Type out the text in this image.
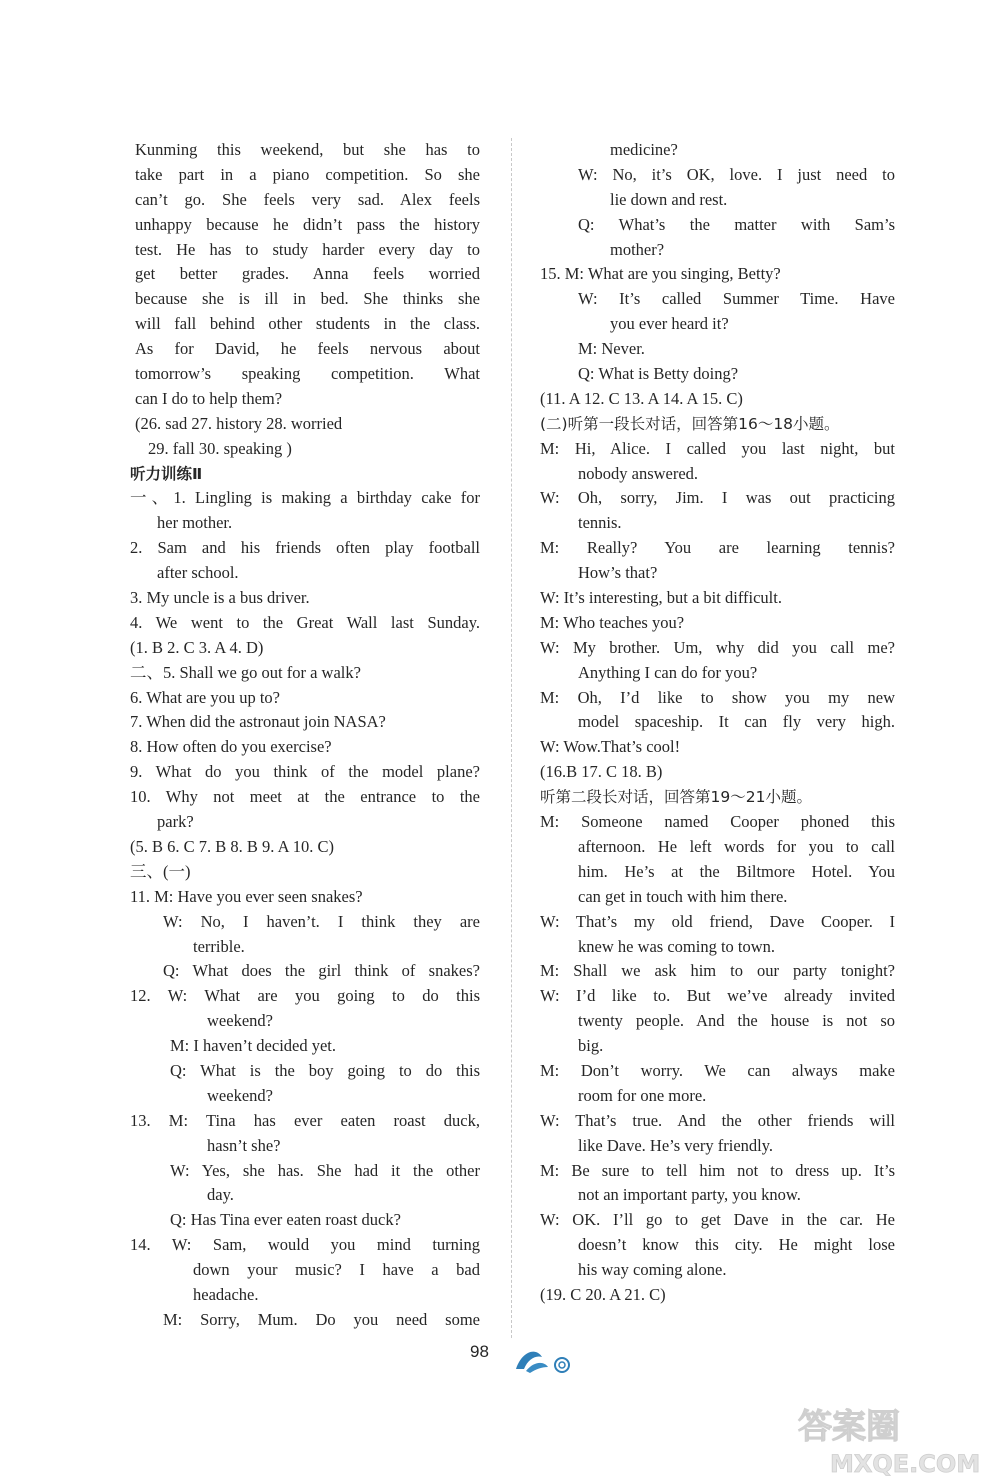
Kunming this weekend, but she has to
take part in a piano competition. So she
can’t go. She feels very sad. Alex feels
unhappy because he didn’t pass the history
test. He has to study harder every day to
get better grades. Anna feels worried
because she is ill in bed. She thinks she
will fall behind other students in the class.
As for David, he feels nervous about
tomorrow’s speaking competition. What
can I do to help them?
(26. sad 27. history 28. worried
29. fall 30. speaking )
听力训练Ⅱ
一、1. Lingling is making a birthday cake for
her mother.
2. Sam and his friends often play football
after school.
3. My uncle is a bus driver.
4. We went to the Great Wall last Sunday.
(1. B 2. C 3. A 4. D)
二、5. Shall we go out for a walk?
6. What are you up to?
7. When did the astronaut join NASA?
8. How often do you exercise?
9. What do you think of the model plane?
10. Why not meet at the entrance to the
park?
(5. B 6. C 7. B 8. B 9. A 10. C)
三、(一)
11. M: Have you ever seen snakes?
W: No, I haven’t. I think they are
terrible.
Q: What does the girl think of snakes?
12. W: What are you going to do this
weekend?
M: I haven’t decided yet.
Q: What is the boy going to do this
weekend?
13. M: Tina has ever eaten roast duck,
hasn’t she?
W: Yes, she has. She had it the other
day.
Q: Has Tina ever eaten roast duck?
14. W: Sam, would you mind turning
down your music? I have a bad
headache.
M: Sorry, Mum. Do you need some
medicine?
W: No, it’s OK, love. I just need to
lie down and rest.
Q: What’s the matter with Sam’s
mother?
15. M: What are you singing, Betty?
W: It’s called Summer Time. Have
you ever heard it?
M: Never.
Q: What is Betty doing?
(11. A 12. C 13. A 14. A 15. C)
(二)听第一段长对话，回答第16～18小题。
M: Hi, Alice. I called you last night, but
nobody answered.
W: Oh, sorry, Jim. I was out practicing
tennis.
M: Really? You are learning tennis?
How’s that?
W: It’s interesting, but a bit difficult.
M: Who teaches you?
W: My brother. Um, why did you call me?
Anything I can do for you?
M: Oh, I’d like to show you my new
model spaceship. It can fly very high.
W: Wow.That’s cool!
(16.B 17. C 18. B)
听第二段长对话，回答第19～21小题。
M: Someone named Cooper phoned this
afternoon. He left words for you to call
him. He’s at the Biltmore Hotel. You
can get in touch with him there.
W: That’s my old friend, Dave Cooper. I
knew he was coming to town.
M: Shall we ask him to our party tonight?
W: I’d like to. But we’ve already invited
twenty people. And the house is not so
big.
M: Don’t worry. We can always make
room for one more.
W: That’s true. And the other friends will
like Dave. He’s very friendly.
M: Be sure to tell him not to dress up. It’s
not an important party, you know.
W: OK. I’ll go to get Dave in the car. He
doesn’t know this city. He might lose
his way coming alone.
(19. C 20. A 21. C)
98
答案圈
MXQE.COM
